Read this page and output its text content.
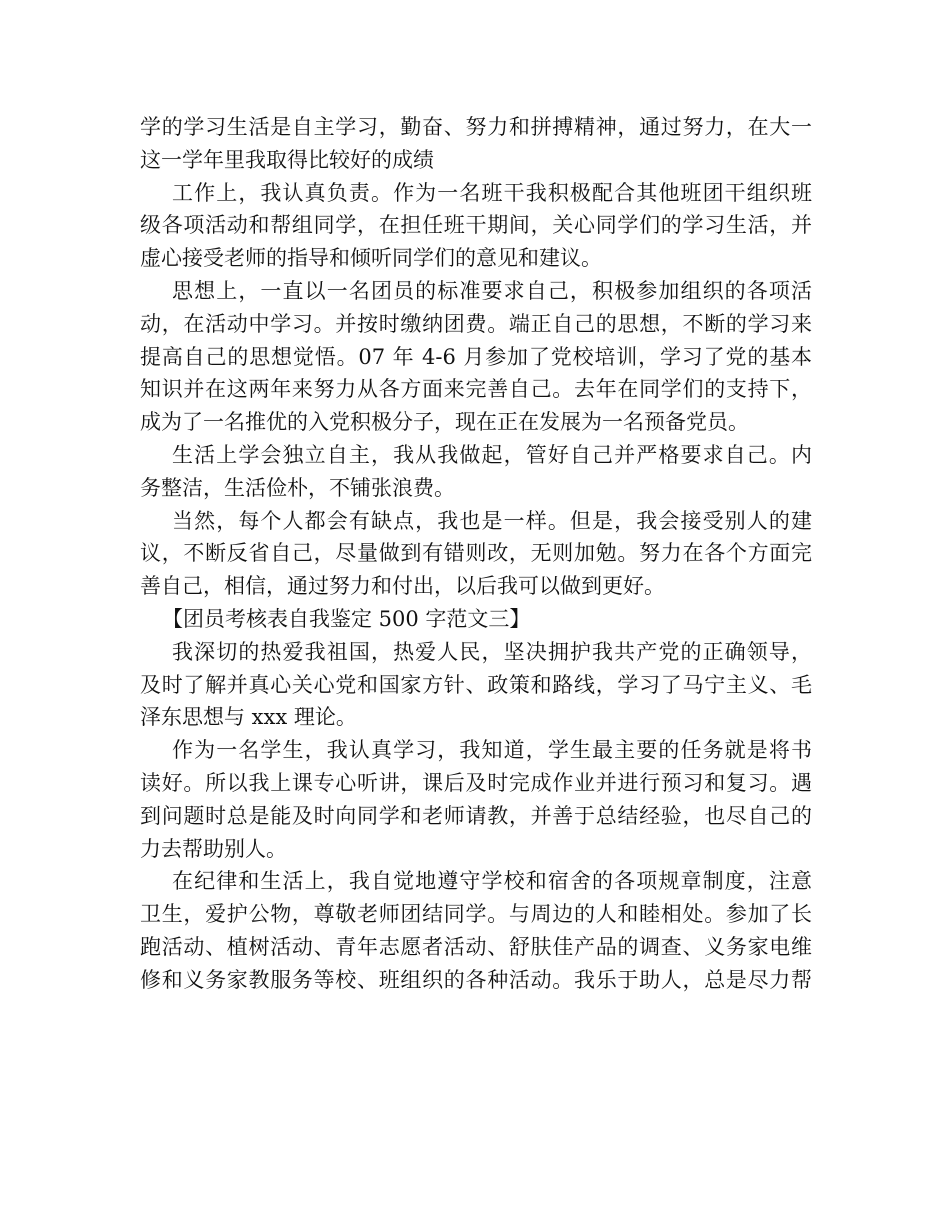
学的学习生活是自主学习，勤奋、努力和拼搏精神，通过努力，在大一
这一学年里我取得比较好的成绩
工作上，我认真负责。作为一名班干我积极配合其他班团干组织班
级各项活动和帮组同学，在担任班干期间，关心同学们的学习生活，并
虚心接受老师的指导和倾听同学们的意见和建议。
思想上，一直以一名团员的标准要求自己，积极参加组织的各项活
动，在活动中学习。并按时缴纳团费。端正自己的思想，不断的学习来
提高自己的思想觉悟。07 年 4-6 月参加了党校培训，学习了党的基本
知识并在这两年来努力从各方面来完善自己。去年在同学们的支持下，
成为了一名推优的入党积极分子，现在正在发展为一名预备党员。
生活上学会独立自主，我从我做起，管好自己并严格要求自己。内
务整洁，生活俭朴，不铺张浪费。
当然，每个人都会有缺点，我也是一样。但是，我会接受别人的建
议，不断反省自己，尽量做到有错则改，无则加勉。努力在各个方面完
善自己，相信，通过努力和付出，以后我可以做到更好。
【团员考核表自我鉴定 500 字范文三】
我深切的热爱我祖国，热爱人民，坚决拥护我共产党的正确领导，
及时了解并真心关心党和国家方针、政策和路线，学习了马宁主义、毛
泽东思想与 xxx 理论。
作为一名学生，我认真学习，我知道，学生最主要的任务就是将书
读好。所以我上课专心听讲，课后及时完成作业并进行预习和复习。遇
到问题时总是能及时向同学和老师请教，并善于总结经验，也尽自己的
力去帮助别人。
在纪律和生活上，我自觉地遵守学校和宿舍的各项规章制度，注意
卫生，爱护公物，尊敬老师团结同学。与周边的人和睦相处。参加了长
跑活动、植树活动、青年志愿者活动、舒肤佳产品的调查、义务家电维
修和义务家教服务等校、班组织的各种活动。我乐于助人，总是尽力帮
